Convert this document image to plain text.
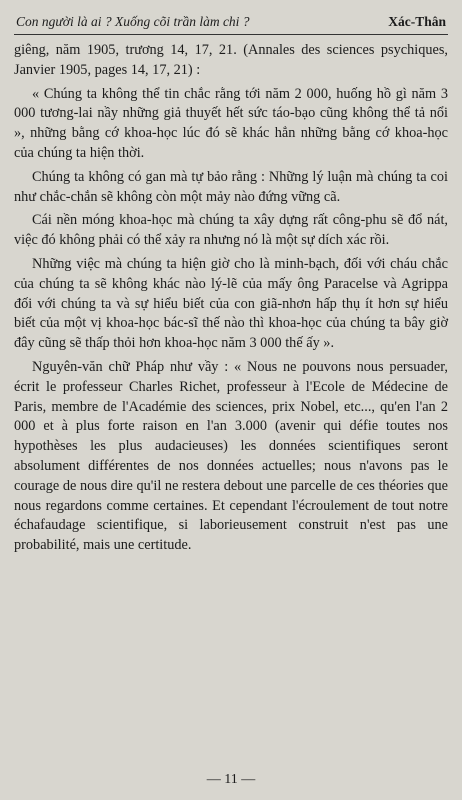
Con người là ai ? Xuống cõi trần làm chi ?	Xác-Thân

giêng, năm 1905, trương 14, 17, 21. (Annales des sciences psychiques, Janvier 1905, pages 14, 17, 21) :

« Chúng ta không thể tin chắc rằng tới năm 2 000, huống hồ gì năm 3 000 tương-lai nầy những giả thuyết hết sức táo-bạo cũng không thể tả nổi », những bằng cớ khoa-học lúc đó sẽ khác hẳn những bằng cớ khoa-học của chúng ta hiện thời.

Chúng ta không có gan mà tự bảo rằng : Những lý luận mà chúng ta coi như chắc-chắn sẽ không còn một mảy nào đứng vững cã.

Cái nền móng khoa-học mà chúng ta xây dựng rất công-phu sẽ đổ nát, việc đó không phải có thể xảy ra nhưng nó là một sự dích xác rồi.

Những việc mà chúng ta hiện giờ cho là minh-bạch, đối với cháu chắc của chúng ta sẽ không khác nào lý-lẽ của mấy ông Paracelse và Agrippa đối với chúng ta và sự hiểu biết của con giã-nhơn hấp thụ ít hơn sự hiểu biết của một vị khoa-học bác-sĩ thế nào thì khoa-học của chúng ta bây giờ đây cũng sẽ thấp thỏi hơn khoa-học năm 3 000 thế ấy ».

Nguyên-văn chữ Pháp như vầy : « Nous ne pouvons nous persuader, écrit le professeur Charles Richet, professeur à l'Ecole de Médecine de Paris, membre de l'Académie des sciences, prix Nobel, etc..., qu'en l'an 2 000 et à plus forte raison en l'an 3.000 (avenir qui défie toutes nos hypothèses les plus audacieuses) les données scientifiques seront absolument différentes de nos données actuelles; nous n'avons pas le courage de nous dire qu'il ne restera debout une parcelle de ces théories que nous regardons comme certaines. Et cependant l'écroulement de tout notre échafaudage scientifique, si laborieusement construit n'est pas une probabilité, mais une certitude.

— 11 —
